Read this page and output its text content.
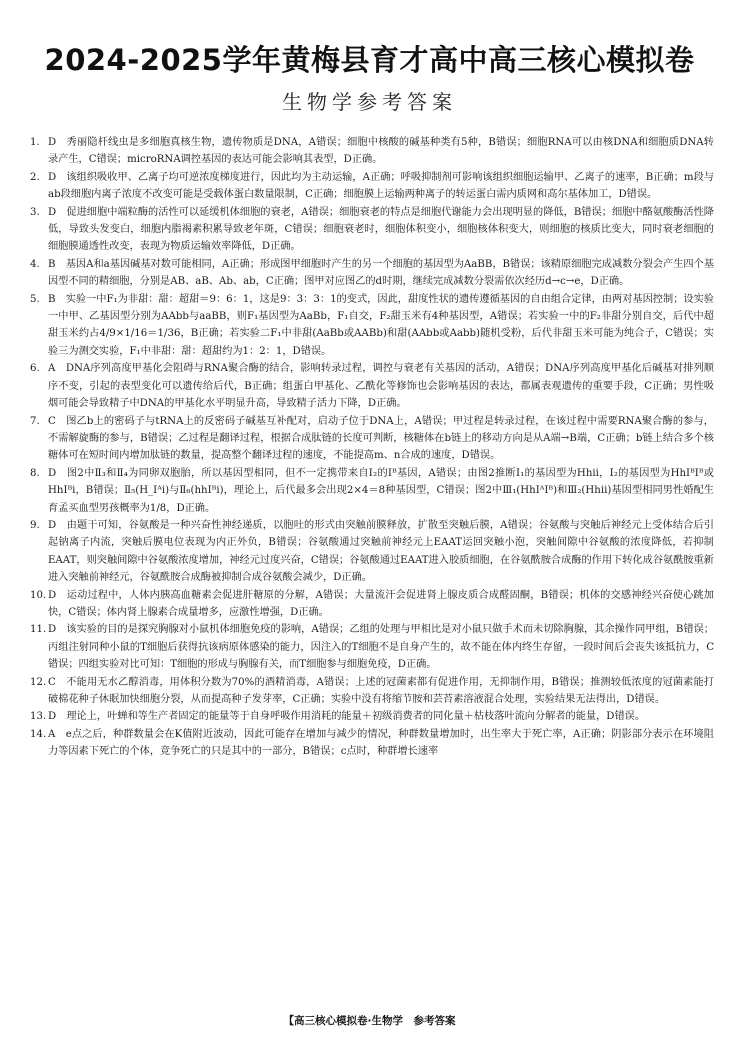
2024-2025学年黄梅县育才高中高三核心模拟卷
生物学参考答案

1. D　秀丽隐杆线虫是多细胞真核生物，遗传物质是DNA，A错误；细胞中核酸的碱基种类有5种，B错误；细胞RNA可以由核DNA和细胞质DNA转录产生，C错误；microRNA调控基因的表达可能会影响其表型，D正确。

2. D　该组织吸收甲、乙离子均可逆浓度梯度进行，因此均为主动运输，A正确；呼吸抑制剂可影响该组织细胞运输甲、乙离子的速率，B正确；m段与ab段细胞内离子浓度不改变可能是受载体蛋白数量限制，C正确；细胞膜上运输两种离子的转运蛋白需内质网和高尔基体加工，D错误。

3. D　促进细胞中端粒酶的活性可以延缓机体细胞的衰老，A错误；细胞衰老的特点是细胞代谢能力会出现明显的降低，B错误；细胞中酪氨酸酶活性降低，导致头发变白，细胞内脂褐素积累导致老年斑，C错误；细胞衰老时，细胞体积变小，细胞核体积变大，则细胞的核质比变大，同时衰老细胞的细胞膜通透性改变，表现为物质运输效率降低，D正确。

4. B　基因A和a基因碱基对数可能相同，A正确；形成图甲细胞时产生的另一个细胞的基因型为AaBB，B错误；该精原细胞完成减数分裂会产生四个基因型不同的精细胞，分别是AB、aB、Ab、ab，C正确；图甲对应图乙的d时期，继续完成减数分裂需依次经历d→c→e，D正确。

5. B　实验一中F₁为非甜：甜：超甜＝9：6：1，这是9：3：3：1的变式，因此，甜度性状的遗传遵循基因的自由组合定律，由两对基因控制；设实验一中甲、乙基因型分别为AAbb与aaBB，则F₁基因型为AaBb，F₁自交，F₂甜玉米有4种基因型，A错误；若实验一中的F₂非甜分别自交，后代中超甜玉米约占4/9×1/16＝1/36，B正确；若实验二F₁中非甜(AaBb或AABb)和甜(AAbb或Aabb)随机受粉，后代非甜玉米可能为纯合子，C错误；实验三为测交实验，F₁中非甜：甜：超甜约为1：2：1，D错误。

6. A　DNA序列高度甲基化会阻碍与RNA聚合酶的结合，影响转录过程，调控与衰老有关基因的活动，A错误；DNA序列高度甲基化后碱基对排列顺序不变，引起的表型变化可以遗传给后代，B正确；组蛋白甲基化、乙酰化等修饰也会影响基因的表达，都属表观遗传的重要手段，C正确；男性吸烟可能会导致精子中DNA的甲基化水平明显升高，导致精子活力下降，D正确。

7. C　图乙b上的密码子与tRNA上的反密码子碱基互补配对，启动子位于DNA上，A错误；甲过程是转录过程，在该过程中需要RNA聚合酶的参与，不需解旋酶的参与，B错误；乙过程是翻译过程，根据合成肽链的长度可判断，核糖体在b链上的移动方向是从A端→B端，C正确；b链上结合多个核糖体可在短时间内增加肽链的数量，提高整个翻译过程的速度，不能提高m、n合成的速度，D错误。

8. D　图2中Ⅱ₃和Ⅱ₄为同卵双胞胎，所以基因型相同，但不一定携带来自Ⅰ₂的Iᴮ基因，A错误；由图2推断Ⅰ₁的基因型为Hhii，Ⅰ₂的基因型为HhIᴮIᴮ或HhIᴮi，B错误；Ⅱ₅(H_Iᴬi)与Ⅱ₆(hhIᴮi)，理论上，后代最多会出现2×4＝8种基因型，C错误；图2中Ⅲ₁(HhIᴬIᴮ)和Ⅲ₂(Hhii)基因型相同男性婚配生育孟买血型男孩概率为1/8，D正确。

9. D　由题干可知，谷氨酸是一种兴奋性神经递质，以胞吐的形式由突触前膜释放，扩散至突触后膜，A错误；谷氨酸与突触后神经元上受体结合后引起钠离子内流，突触后膜电位表现为内正外负，B错误；谷氨酸通过突触前神经元上EAAT运回突触小泡，突触间隙中谷氨酸的浓度降低，若抑制EAAT，则突触间隙中谷氨酸浓度增加，神经元过度兴奋，C错误；谷氨酸通过EAAT进入胶质细胞，在谷氨酰胺合成酶的作用下转化成谷氨酰胺重新进入突触前神经元，谷氨酰胺合成酶被抑制合成谷氨酸会减少，D正确。

10. D　运动过程中，人体内胰高血糖素会促进肝糖原的分解，A错误；大量流汗会促进肾上腺皮质合成醛固酮，B错误；机体的交感神经兴奋使心跳加快，C错误；体内肾上腺素合成量增多，应激性增强，D正确。

11. D　该实验的目的是探究胸腺对小鼠机体细胞免疫的影响，A错误；乙组的处理与甲相比是对小鼠只做手术而未切除胸腺，其余操作同甲组，B错误；丙组注射同种小鼠的T细胞后获得抗该病原体感染的能力，因注入的T细胞不是自身产生的，故不能在体内终生存留，一段时间后会丧失该抵抗力，C错误；四组实验对比可知：T细胞的形成与胸腺有关，而T细胞参与细胞免疫，D正确。

12. C　不能用无水乙醇消毒，用体积分数为70%的酒精消毒，A错误；上述的冠菌素都有促进作用，无抑制作用，B错误；推测较低浓度的冠菌素能打破棉花种子休眠加快细胞分裂，从而提高种子发芽率，C正确；实验中没有将缩节胺和芸苔素溶液混合处理，实验结果无法得出，D错误。

13. D　理论上，叶蝉和等生产者固定的能量等于自身呼吸作用消耗的能量＋初级消费者的同化量＋枯枝落叶流向分解者的能量，D错误。

14. A　e点之后，种群数量会在K值附近波动，因此可能存在增加与减少的情况，种群数量增加时，出生率大于死亡率，A正确；阴影部分表示在环境阻力等因素下死亡的个体，竞争死亡的只是其中的一部分，B错误；c点时，种群增长速率

【高三核心模拟卷·生物学　参考答案
